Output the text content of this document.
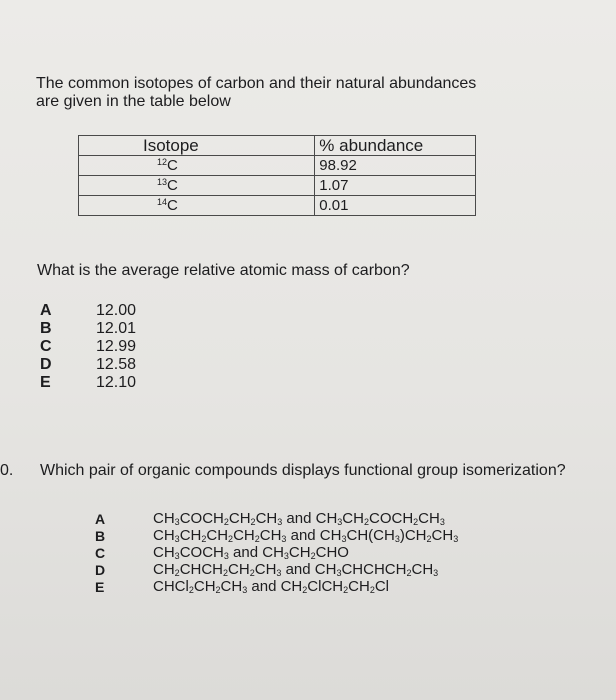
The common isotopes of carbon and their natural abundances
are given in the table below
Isotope	% abundance
$^{12}$C	98.92
$^{13}$C	1.07
$^{14}$C	0.01
What is the average relative atomic mass of carbon?
A	12.00
B	12.01
C	12.99
D	12.58
E	12.10
0. Which pair of organic compounds displays functional group isomerization?
A	$CH_3COCH_2CH_2CH_3$ and $CH_3CH_2COCH_2CH_3$
B	$CH_3CH_2CH_2CH_2CH_3$ and $CH_3CH(CH_3)CH_2CH_3$
C	$CH_3COCH_3$ and $CH_3CH_2CHO$
D	$CH_2CHCH_2CH_2CH_3$ and $CH_3CHCHCH_2CH_3$
E	$CHCl_2CH_2CH_3$ and $CH_2ClCH_2CH_2Cl$
